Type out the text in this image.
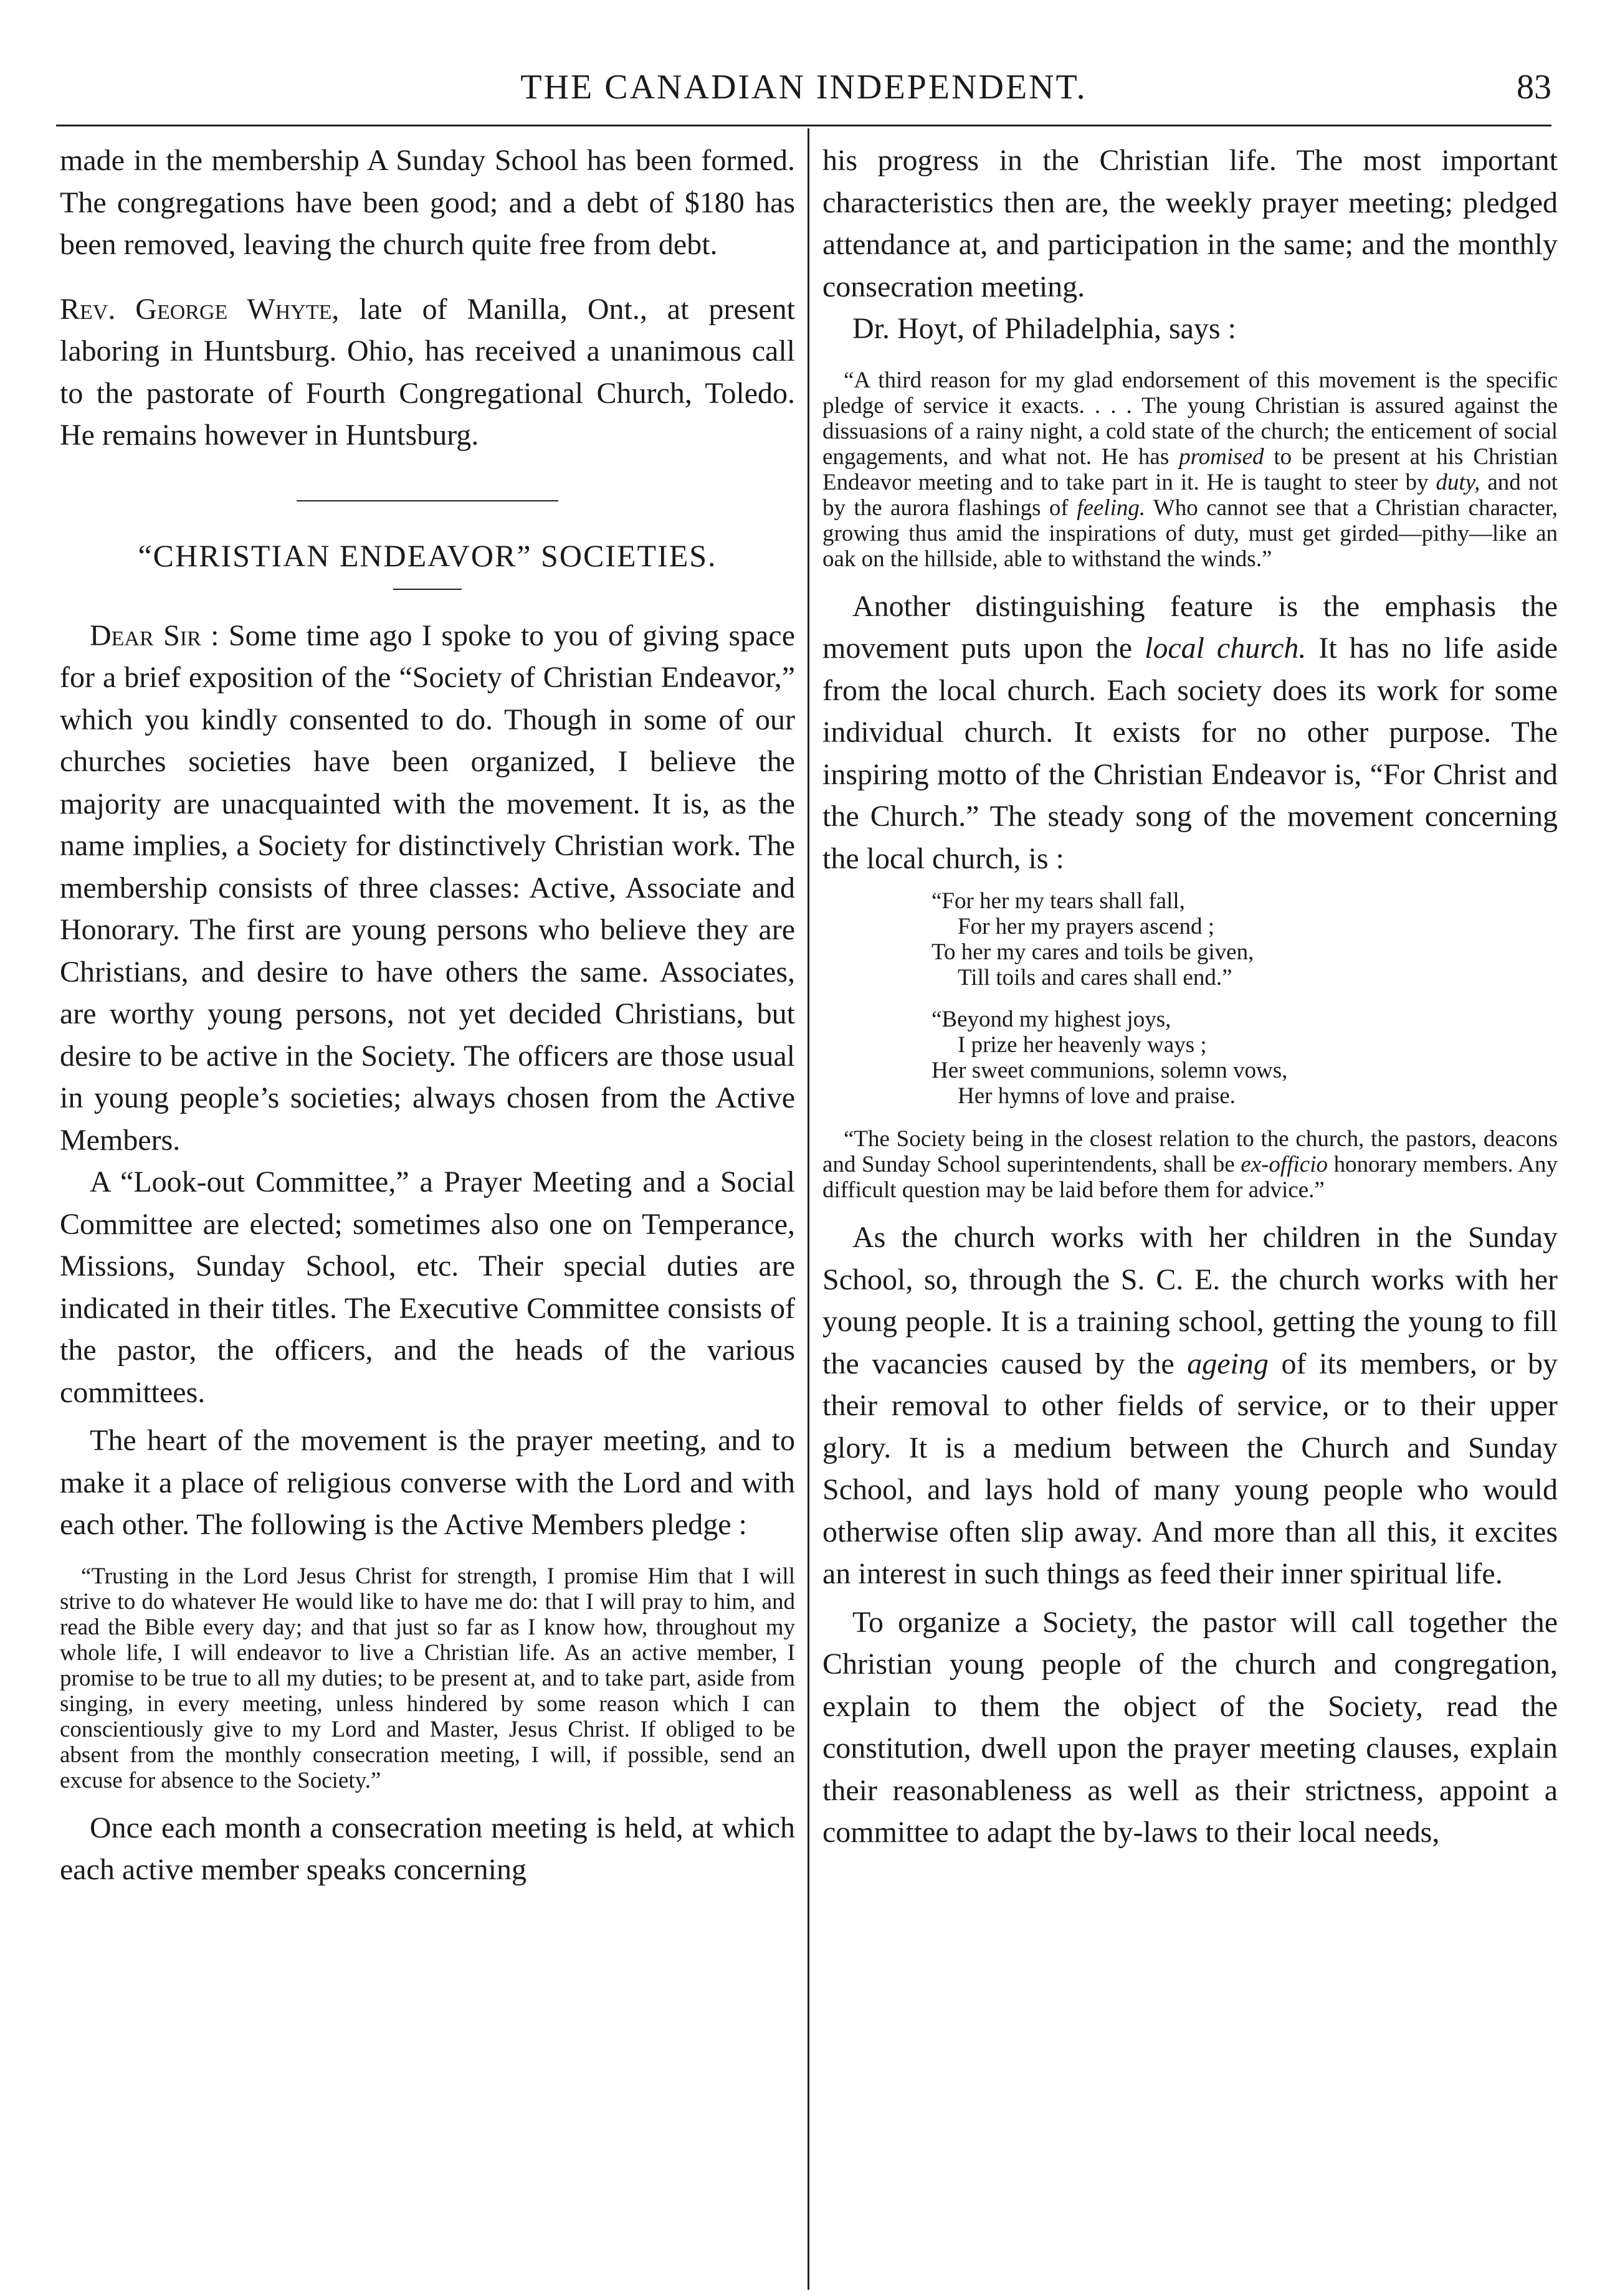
THE CANADIAN INDEPENDENT.	83

made in the membership A Sunday School has been formed. The congregations have been good; and a debt of $180 has been removed, leaving the church quite free from debt.

Rev. George Whyte, late of Manilla, Ont., at present laboring in Huntsburg. Ohio, has received a unanimous call to the pastorate of Fourth Congregational Church, Toledo. He remains however in Huntsburg.

“CHRISTIAN ENDEAVOR” SOCIETIES.

Dear Sir : Some time ago I spoke to you of giving space for a brief exposition of the “Society of Christian Endeavor,” which you kindly consented to do. Though in some of our churches societies have been organized, I believe the majority are unacquainted with the movement. It is, as the name implies, a Society for distinctively Christian work. The membership consists of three classes: Active, Associate and Honorary. The first are young persons who believe they are Christians, and desire to have others the same. Associates, are worthy young persons, not yet decided Christians, but desire to be active in the Society. The officers are those usual in young people’s societies; always chosen from the Active Members.

A “Look-out Committee,” a Prayer Meeting and a Social Committee are elected; sometimes also one on Temperance, Missions, Sunday School, etc. Their special duties are indicated in their titles. The Executive Committee consists of the pastor, the officers, and the heads of the various committees.

The heart of the movement is the prayer meeting, and to make it a place of religious converse with the Lord and with each other. The following is the Active Members pledge :

“Trusting in the Lord Jesus Christ for strength, I promise Him that I will strive to do whatever He would like to have me do: that I will pray to him, and read the Bible every day; and that just so far as I know how, throughout my whole life, I will endeavor to live a Christian life. As an active member, I promise to be true to all my duties; to be present at, and to take part, aside from singing, in every meeting, unless hindered by some reason which I can conscientiously give to my Lord and Master, Jesus Christ. If obliged to be absent from the monthly consecration meeting, I will, if possible, send an excuse for absence to the Society.”

Once each month a consecration meeting is held, at which each active member speaks concerning

his progress in the Christian life. The most important characteristics then are, the weekly prayer meeting; pledged attendance at, and participation in the same; and the monthly consecration meeting.

Dr. Hoyt, of Philadelphia, says :

“A third reason for my glad endorsement of this movement is the specific pledge of service it exacts. . . . The young Christian is assured against the dissuasions of a rainy night, a cold state of the church; the enticement of social engagements, and what not. He has promised to be present at his Christian Endeavor meeting and to take part in it. He is taught to steer by duty, and not by the aurora flashings of feeling. Who cannot see that a Christian character, growing thus amid the inspirations of duty, must get girded—pithy—like an oak on the hillside, able to withstand the winds.”

Another distinguishing feature is the emphasis the movement puts upon the local church. It has no life aside from the local church. Each society does its work for some individual church. It exists for no other purpose. The inspiring motto of the Christian Endeavor is, “For Christ and the Church.” The steady song of the movement concerning the local church, is :

“For her my tears shall fall,
For her my prayers ascend ;
To her my cares and toils be given,
Till toils and cares shall end.”
“Beyond my highest joys,
I prize her heavenly ways ;
Her sweet communions, solemn vows,
Her hymns of love and praise.

“The Society being in the closest relation to the church, the pastors, deacons and Sunday School superintendents, shall be ex-officio honorary members. Any difficult question may be laid before them for advice.”

As the church works with her children in the Sunday School, so, through the S. C. E. the church works with her young people. It is a training school, getting the young to fill the vacancies caused by the ageing of its members, or by their removal to other fields of service, or to their upper glory. It is a medium between the Church and Sunday School, and lays hold of many young people who would otherwise often slip away. And more than all this, it excites an interest in such things as feed their inner spiritual life.

To organize a Society, the pastor will call together the Christian young people of the church and congregation, explain to them the object of the Society, read the constitution, dwell upon the prayer meeting clauses, explain their reasonableness as well as their strictness, appoint a committee to adapt the by-laws to their local needs,
